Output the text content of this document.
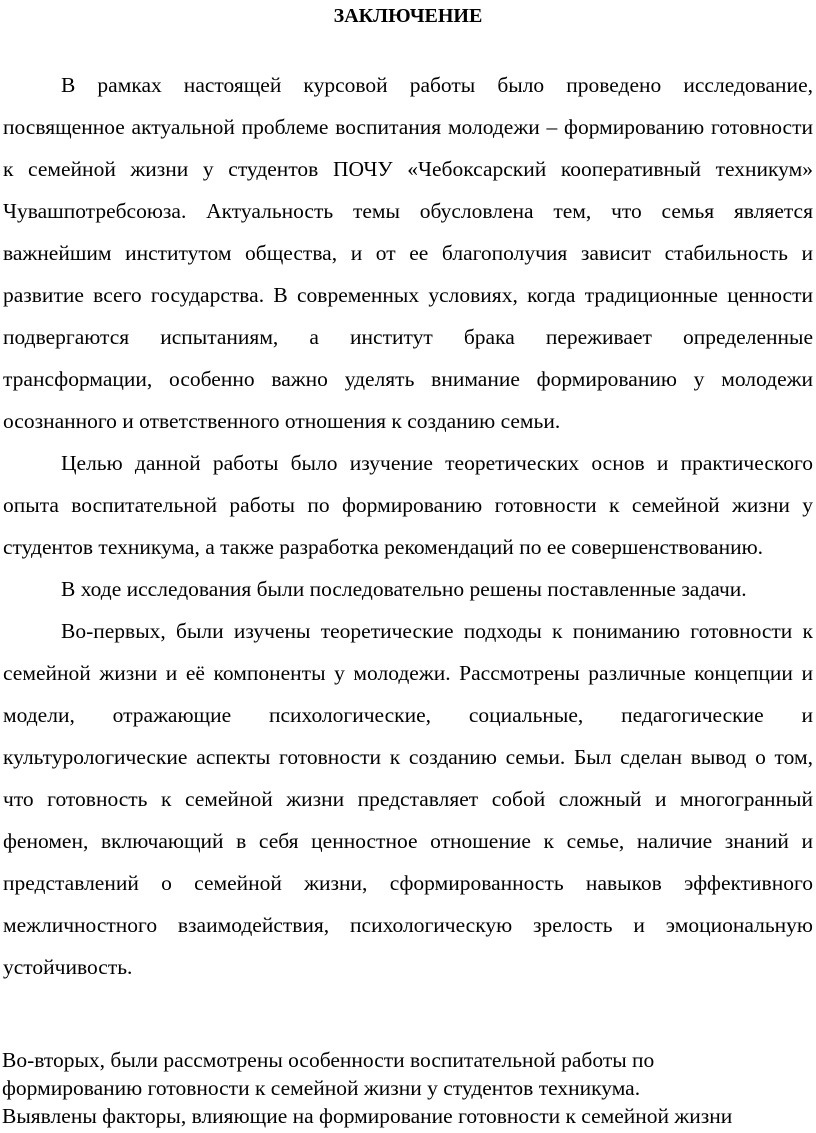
ЗАКЛЮЧЕНИЕ

В рамках настоящей курсовой работы было проведено исследование, посвященное актуальной проблеме воспитания молодежи – формированию готовности к семейной жизни у студентов ПОЧУ «Чебоксарский кооперативный техникум» Чувашпотребсоюза. Актуальность темы обусловлена тем, что семья является важнейшим институтом общества, и от ее благополучия зависит стабильность и развитие всего государства. В современных условиях, когда традиционные ценности подвергаются испытаниям, а институт брака переживает определенные трансформации, особенно важно уделять внимание формированию у молодежи осознанного и ответственного отношения к созданию семьи.

Целью данной работы было изучение теоретических основ и практического опыта воспитательной работы по формированию готовности к семейной жизни у студентов техникума, а также разработка рекомендаций по ее совершенствованию.

В ходе исследования были последовательно решены поставленные задачи.

Во-первых, были изучены теоретические подходы к пониманию готовности к семейной жизни и её компоненты у молодежи. Рассмотрены различные концепции и модели, отражающие психологические, социальные, педагогические и культурологические аспекты готовности к созданию семьи. Был сделан вывод о том, что готовность к семейной жизни представляет собой сложный и многогранный феномен, включающий в себя ценностное отношение к семье, наличие знаний и представлений о семейной жизни, сформированность навыков эффективного межличностного взаимодействия, психологическую зрелость и эмоциональную устойчивость.

Во-вторых, были рассмотрены особенности воспитательной работы по

формированию готовности к семейной жизни у студентов техникума.

Выявлены факторы, влияющие на формирование готовности к семейной жизни
